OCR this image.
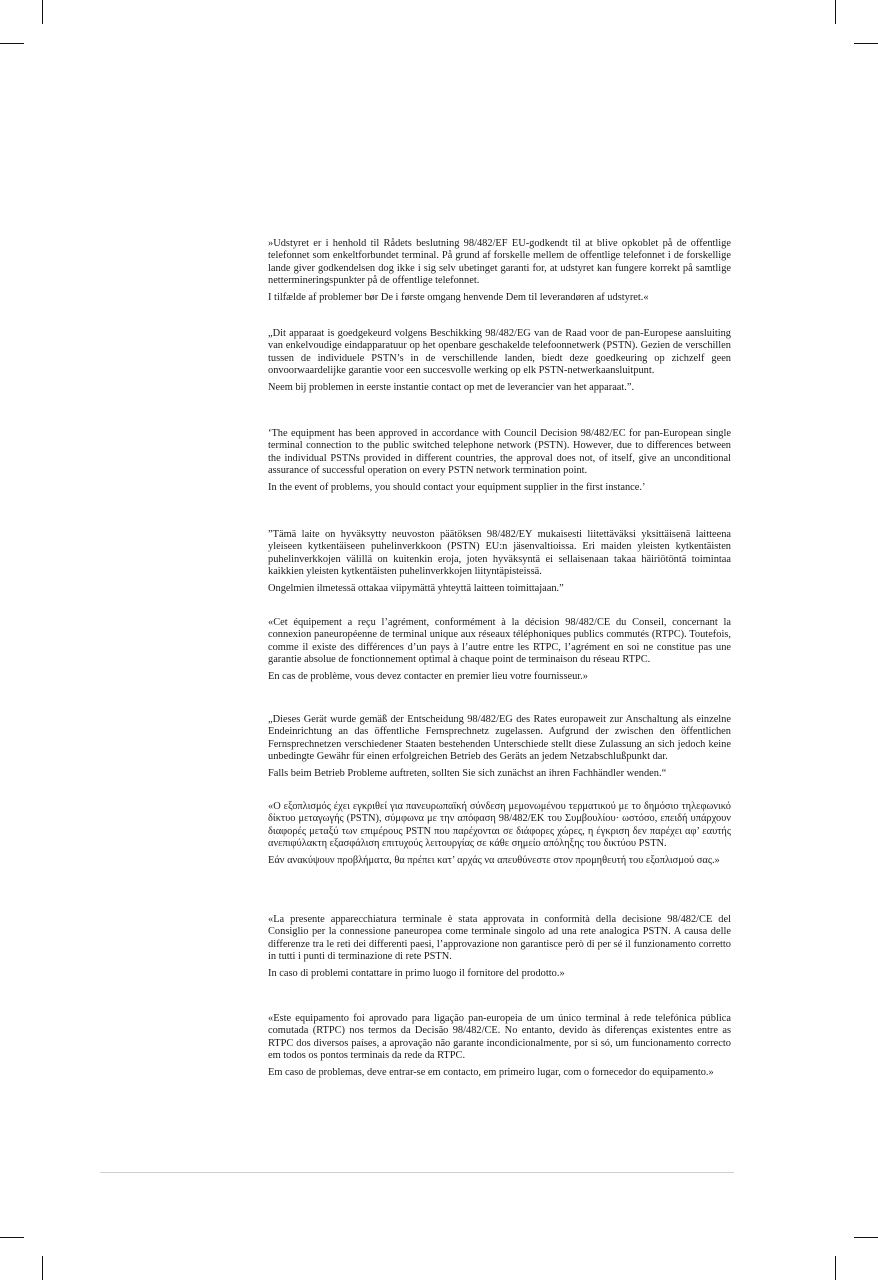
»Udstyret er i henhold til Rådets beslutning 98/482/EF EU-godkendt til at blive opkoblet på de offentlige telefonnet som enkeltforbundet terminal. På grund af forskelle mellem de offentlige telefonnet i de forskellige lande giver godkendelsen dog ikke i sig selv ubetinget garanti for, at udstyret kan fungere korrekt på samtlige nettermineringspunkter på de offentlige telefonnet.

I tilfælde af problemer bør De i første omgang henvende Dem til leverandøren af udstyret.«

„Dit apparaat is goedgekeurd volgens Beschikking 98/482/EG van de Raad voor de pan-Europese aansluiting van enkelvoudige eindapparatuur op het openbare geschakelde telefoonnetwerk (PSTN). Gezien de verschillen tussen de individuele PSTN’s in de verschillende landen, biedt deze goedkeuring op zichzelf geen onvoorwaardelijke garantie voor een succesvolle werking op elk PSTN-netwerkaansluitpunt.

Neem bij problemen in eerste instantie contact op met de leverancier van het apparaat.”.

‘The equipment has been approved in accordance with Council Decision 98/482/EC for pan-European single terminal connection to the public switched telephone network (PSTN). However, due to differences between the individual PSTNs provided in different countries, the approval does not, of itself, give an unconditional assurance of successful operation on every PSTN network termination point.

In the event of problems, you should contact your equipment supplier in the first instance.’

”Tämä laite on hyväksytty neuvoston päätöksen 98/482/EY mukaisesti liitettäväksi yksittäisenä laitteena yleiseen kytkentäiseen puhelinverkkoon (PSTN) EU:n jäsenvaltioissa. Eri maiden yleisten kytkentäisten puhelinverkkojen välillä on kuitenkin eroja, joten hyväksyntä ei sellaisenaan takaa häiriötöntä toimintaa kaikkien yleisten kytkentäisten puhelinverkkojen liityntäpisteissä.

Ongelmien ilmetessä ottakaa viipymättä yhteyttä laitteen toimittajaan.”

«Cet équipement a reçu l’agrément, conformément à la décision 98/482/CE du Conseil, concernant la connexion paneuropéenne de terminal unique aux réseaux téléphoniques publics commutés (RTPC). Toutefois, comme il existe des différences d’un pays à l’autre entre les RTPC, l’agrément en soi ne constitue pas une garantie absolue de fonctionnement optimal à chaque point de terminaison du réseau RTPC.

En cas de problème, vous devez contacter en premier lieu votre fournisseur.»

„Dieses Gerät wurde gemäß der Entscheidung 98/482/EG des Rates europaweit zur Anschaltung als einzelne Endeinrichtung an das öffentliche Fernsprechnetz zugelassen. Aufgrund der zwischen den öffentlichen Fernsprechnetzen verschiedener Staaten bestehenden Unterschiede stellt diese Zulassung an sich jedoch keine unbedingte Gewähr für einen erfolgreichen Betrieb des Geräts an jedem Netzabschlußpunkt dar.

Falls beim Betrieb Probleme auftreten, sollten Sie sich zunächst an ihren Fachhändler wenden.“

«Ο εξοπλισμός έχει εγκριθεί για πανευρωπαϊκή σύνδεση μεμονωμένου τερματικού με το δημόσιο τηλεφωνικό δίκτυο μεταγωγής (PSTN), σύμφωνα με την απόφαση 98/482/ΕΚ του Συμβουλίου· ωστόσο, επειδή υπάρχουν διαφορές μεταξύ των επιμέρους PSTN που παρέχονται σε διάφορες χώρες, η έγκριση δεν παρέχει αφ’ εαυτής ανεπιφύλακτη εξασφάλιση επιτυχούς λειτουργίας σε κάθε σημείο απόληξης του δικτύου PSTN.

Εάν ανακύψουν προβλήματα, θα πρέπει κατ’ αρχάς να απευθύνεστε στον προμηθευτή του εξοπλισμού σας.»

«La presente apparecchiatura terminale è stata approvata in conformità della decisione 98/482/CE del Consiglio per la connessione paneuropea come terminale singolo ad una rete analogica PSTN. A causa delle differenze tra le reti dei differenti paesi, l’approvazione non garantisce però di per sé il funzionamento corretto in tutti i punti di terminazione di rete PSTN.

In caso di problemi contattare in primo luogo il fornitore del prodotto.»

«Este equipamento foi aprovado para ligação pan-europeia de um único terminal à rede telefónica pública comutada (RTPC) nos termos da Decisão 98/482/CE. No entanto, devido às diferenças existentes entre as RTPC dos diversos países, a aprovação não garante incondicionalmente, por si só, um funcionamento correcto em todos os pontos terminais da rede da RTPC.

Em caso de problemas, deve entrar-se em contacto, em primeiro lugar, com o fornecedor do equipamento.»
